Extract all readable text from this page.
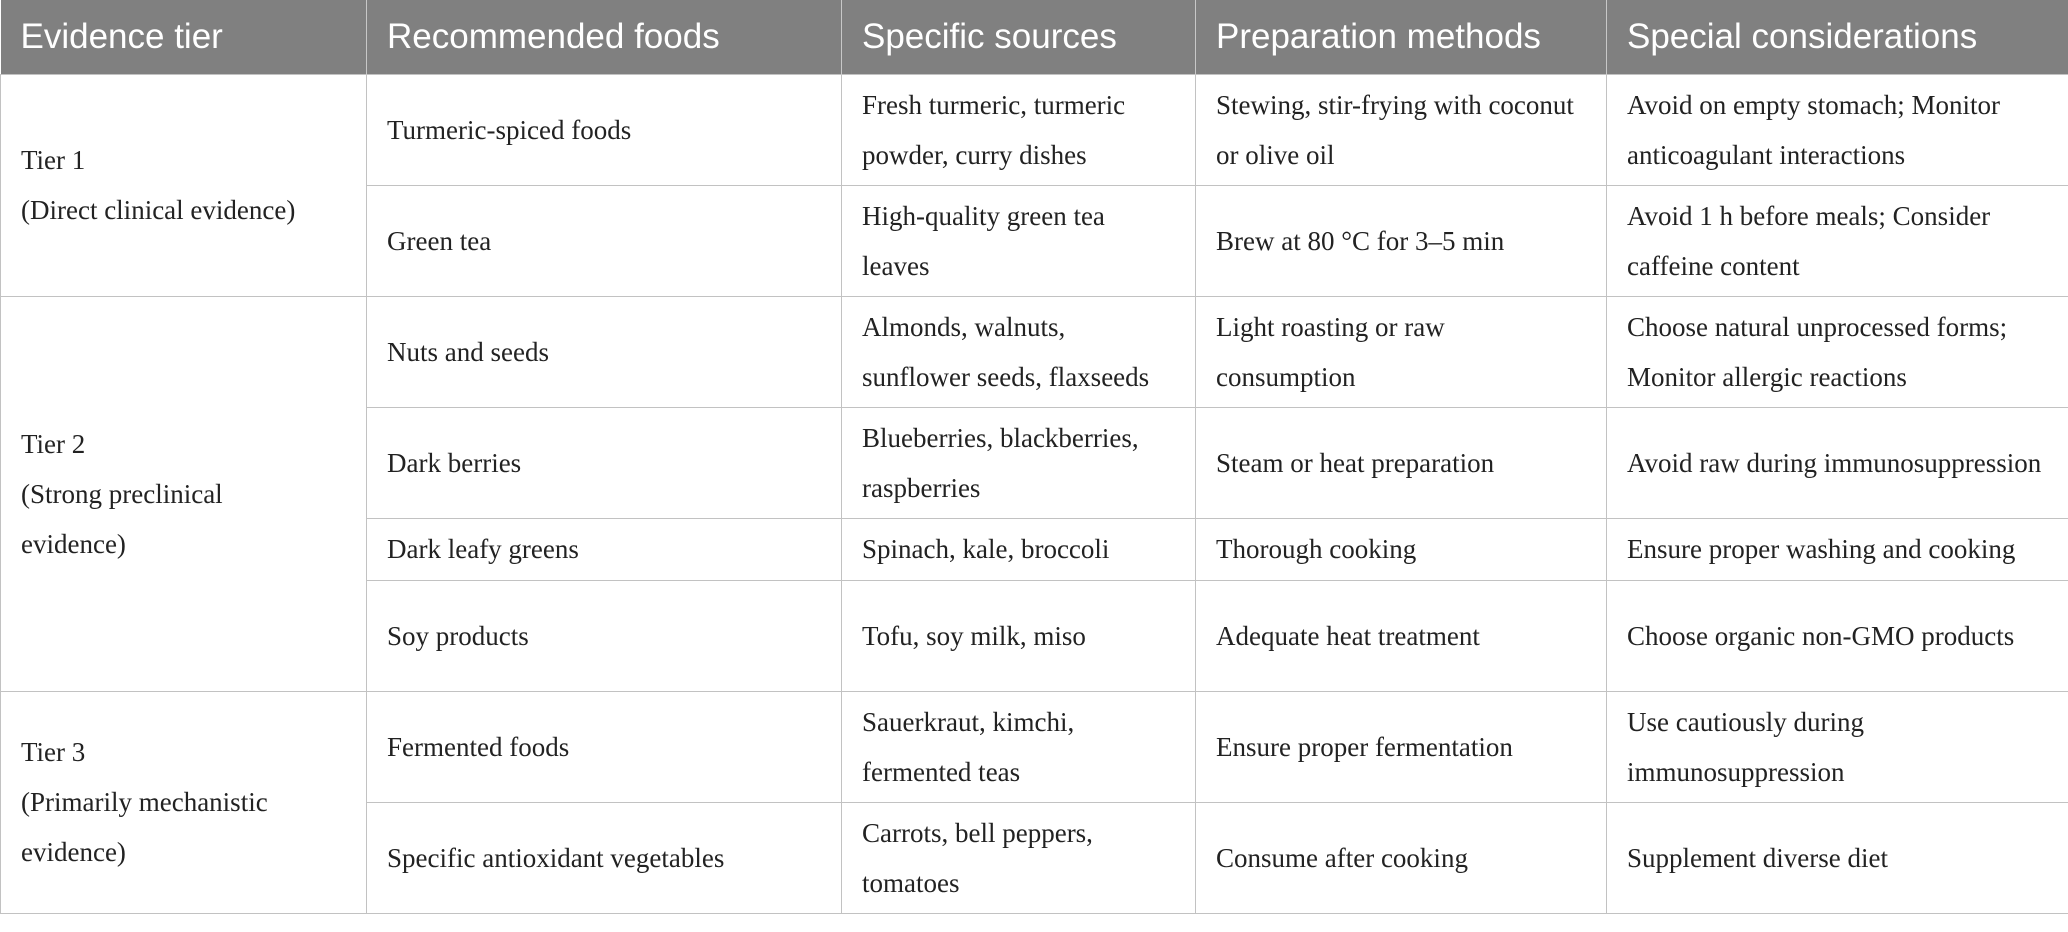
Evidence tier	Recommended foods	Specific sources	Preparation methods	Special considerations
Tier 1
(Direct clinical evidence)	Turmeric-spiced foods	Fresh turmeric, turmeric powder, curry dishes	Stewing, stir-frying with coconut or olive oil	Avoid on empty stomach; Monitor anticoagulant interactions
	Green tea	High-quality green tea leaves	Brew at 80 °C for 3–5 min	Avoid 1 h before meals; Consider caffeine content
Tier 2
(Strong preclinical
evidence)	Nuts and seeds	Almonds, walnuts, sunflower seeds, flaxseeds	Light roasting or raw consumption	Choose natural unprocessed forms; Monitor allergic reactions
	Dark berries	Blueberries, blackberries, raspberries	Steam or heat preparation	Avoid raw during immunosuppression
	Dark leafy greens	Spinach, kale, broccoli	Thorough cooking	Ensure proper washing and cooking
	Soy products	Tofu, soy milk, miso	Adequate heat treatment	Choose organic non-GMO products
Tier 3
(Primarily mechanistic
evidence)	Fermented foods	Sauerkraut, kimchi, fermented teas	Ensure proper fermentation	Use cautiously during immunosuppression
	Specific antioxidant vegetables	Carrots, bell peppers, tomatoes	Consume after cooking	Supplement diverse diet
